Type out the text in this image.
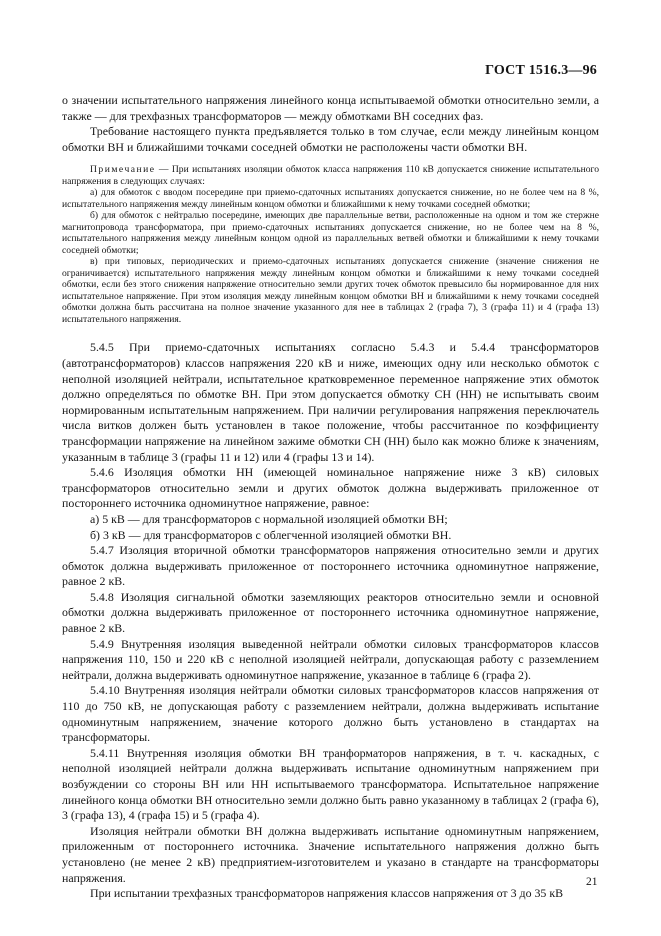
ГОСТ 1516.3—96

о значении испытательного напряжения линейного конца испытываемой обмотки относительно земли, а также — для трехфазных трансформаторов — между обмотками ВН соседних фаз.

Требование настоящего пункта предъявляется только в том случае, если между линейным концом обмотки ВН и ближайшими точками соседней обмотки не расположены части обмотки ВН.

Примечание — При испытаниях изоляции обмоток класса напряжения 110 кВ допускается снижение испытательного напряжения в следующих случаях:

а) для обмоток с вводом посередине при приемо-сдаточных испытаниях допускается снижение, но не более чем на 8 %, испытательного напряжения между линейным концом обмотки и ближайшими к нему точками соседней обмотки;

б) для обмоток с нейтралью посередине, имеющих две параллельные ветви, расположенные на одном и том же стержне магнитопровода трансформатора, при приемо-сдаточных испытаниях допускается снижение, но не более чем на 8 %, испытательного напряжения между линейным концом одной из параллельных ветвей обмотки и ближайшими к нему точками соседней обмотки;

в) при типовых, периодических и приемо-сдаточных испытаниях допускается снижение (значение снижения не ограничивается) испытательного напряжения между линейным концом обмотки и ближайшими к нему точками соседней обмотки, если без этого снижения напряжение относительно земли других точек обмоток превысило бы нормированное для них испытательное напряжение. При этом изоляция между линейным концом обмотки ВН и ближайшими к нему точками соседней обмотки должна быть рассчитана на полное значение указанного для нее в таблицах 2 (графа 7), 3 (графа 11) и 4 (графа 13) испытательного напряжения.

5.4.5 При приемо-сдаточных испытаниях согласно 5.4.3 и 5.4.4 трансформаторов (автотрансформаторов) классов напряжения 220 кВ и ниже, имеющих одну или несколько обмоток с неполной изоляцией нейтрали, испытательное кратковременное переменное напряжение этих обмоток должно определяться по обмотке ВН. При этом допускается обмотку СН (НН) не испытывать своим нормированным испытательным напряжением. При наличии регулирования напряжения переключатель числа витков должен быть установлен в такое положение, чтобы рассчитанное по коэффициенту трансформации напряжение на линейном зажиме обмотки СН (НН) было как можно ближе к значениям, указанным в таблице 3 (графы 11 и 12) или 4 (графы 13 и 14).

5.4.6 Изоляция обмотки НН (имеющей номинальное напряжение ниже 3 кВ) силовых трансформаторов относительно земли и других обмоток должна выдерживать приложенное от постороннего источника одноминутное напряжение, равное:

а) 5 кВ — для трансформаторов с нормальной изоляцией обмотки ВН;

б) 3 кВ — для трансформаторов с облегченной изоляцией обмотки ВН.

5.4.7 Изоляция вторичной обмотки трансформаторов напряжения относительно земли и других обмоток должна выдерживать приложенное от постороннего источника одноминутное напряжение, равное 2 кВ.

5.4.8 Изоляция сигнальной обмотки заземляющих реакторов относительно земли и основной обмотки должна выдерживать приложенное от постороннего источника одноминутное напряжение, равное 2 кВ.

5.4.9 Внутренняя изоляция выведенной нейтрали обмотки силовых трансформаторов классов напряжения 110, 150 и 220 кВ с неполной изоляцией нейтрали, допускающая работу с разземлением нейтрали, должна выдерживать одноминутное напряжение, указанное в таблице 6 (графа 2).

5.4.10 Внутренняя изоляция нейтрали обмотки силовых трансформаторов классов напряжения от 110 до 750 кВ, не допускающая работу с разземлением нейтрали, должна выдерживать испытание одноминутным напряжением, значение которого должно быть установлено в стандартах на трансформаторы.

5.4.11 Внутренняя изоляция обмотки ВН транформаторов напряжения, в т. ч. каскадных, с неполной изоляцией нейтрали должна выдерживать испытание одноминутным напряжением при возбуждении со стороны ВН или НН испытываемого трансформатора. Испытательное напряжение линейного конца обмотки ВН относительно земли должно быть равно указанному в таблицах 2 (графа 6), 3 (графа 13), 4 (графа 15) и 5 (графа 4).

Изоляция нейтрали обмотки ВН должна выдерживать испытание одноминутным напряжением, приложенным от постороннего источника. Значение испытательного напряжения должно быть установлено (не менее 2 кВ) предприятием-изготовителем и указано в стандарте на трансформаторы напряжения.

При испытании трехфазных трансформаторов напряжения классов напряжения от 3 до 35 кВ

21
